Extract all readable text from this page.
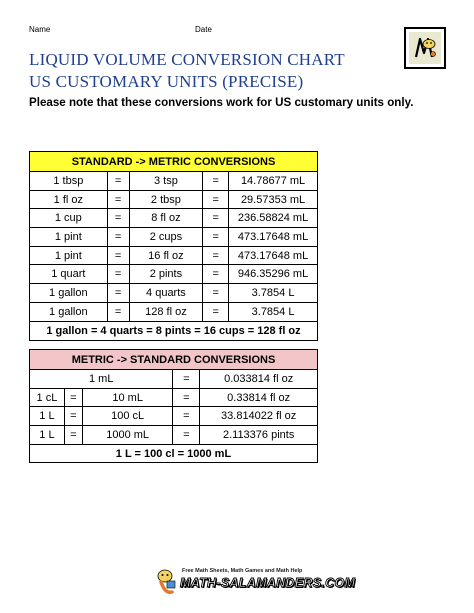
Name	Date
LIQUID VOLUME CONVERSION CHART
US CUSTOMARY UNITS (PRECISE)
Please note that these conversions work for US customary units only.
STANDARD -> METRIC CONVERSIONS				
1 tbsp	=	3 tsp	=	14.78677 mL
1 fl oz	=	2 tbsp	=	29.57353 mL
1 cup	=	8 fl oz	=	236.58824 mL
1 pint	=	2 cups	=	473.17648 mL
1 pint	=	16 fl oz	=	473.17648 mL
1 quart	=	2 pints	=	946.35296 mL
1 gallon	=	4 quarts	=	3.7854 L
1 gallon	=	128 fl oz	=	3.7854 L
1 gallon = 4 quarts = 8 pints = 16 cups = 128 fl oz				
METRIC -> STANDARD CONVERSIONS				
1 mL			=	0.033814 fl oz
1 cL	=	10 mL	=	0.33814 fl oz
1 L	=	100 cL	=	33.814022 fl oz
1 L	=	1000 mL	=	2.113376 pints
1 L = 100 cl = 1000 mL				
Free Math Sheets, Math Games and Math Help
MATH-SALAMANDERS.COM
